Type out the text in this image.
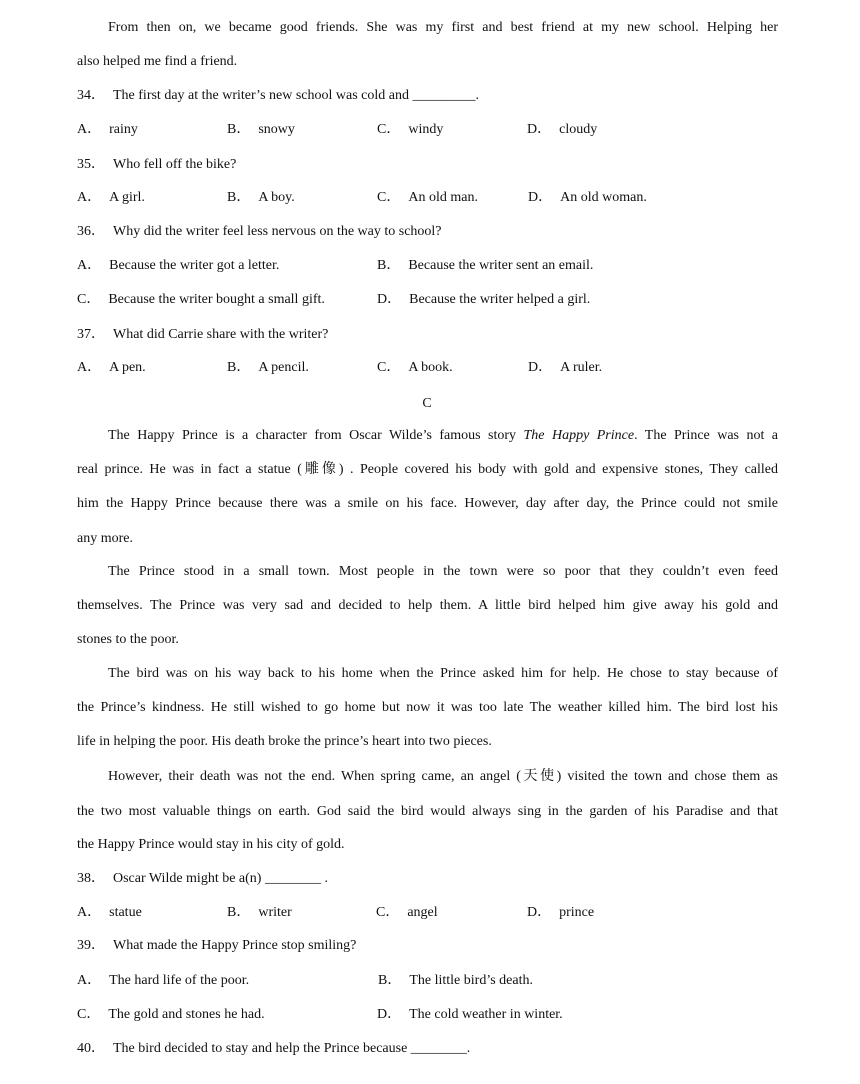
From then on, we became good friends. She was my first and best friend at my new school. Helping her
also helped me find a friend.
34． The first day at the writer’s new school was cold and _________.
A． rainy	B． snowy	C． windy	D． cloudy
35． Who fell off the bike?
A． A girl.	B． A boy.	C． An old man.	D． An old woman.
36． Why did the writer feel less nervous on the way to school?
A． Because the writer got a letter.	B． Because the writer sent an email.
C． Because the writer bought a small gift.	D． Because the writer helped a girl.
37． What did Carrie share with the writer?
A． A pen.	B． A pencil.	C． A book.	D． A ruler.
C
The Happy Prince is a character from Oscar Wilde’s famous story The Happy Prince. The Prince was not a
real prince. He was in fact a statue (雕像) . People covered his body with gold and expensive stones, They called
him the Happy Prince because there was a smile on his face. However, day after day, the Prince could not smile
any more.
The Prince stood in a small town. Most people in the town were so poor that they couldn’t even feed
themselves. The Prince was very sad and decided to help them. A little bird helped him give away his gold and
stones to the poor.
The bird was on his way back to his home when the Prince asked him for help. He chose to stay because of
the Prince’s kindness. He still wished to go home but now it was too late The weather killed him. The bird lost his
life in helping the poor. His death broke the prince’s heart into two pieces.
However, their death was not the end. When spring came, an angel (天使) visited the town and chose them as
the two most valuable things on earth. God said the bird would always sing in the garden of his Paradise and that
the Happy Prince would stay in his city of gold.
38． Oscar Wilde might be a(n) ________ .
A． statue	B． writer	C． angel	D． prince
39． What made the Happy Prince stop smiling?
A． The hard life of the poor.	B． The little bird’s death.
C． The gold and stones he had.	D． The cold weather in winter.
40． The bird decided to stay and help the Prince because ________.
